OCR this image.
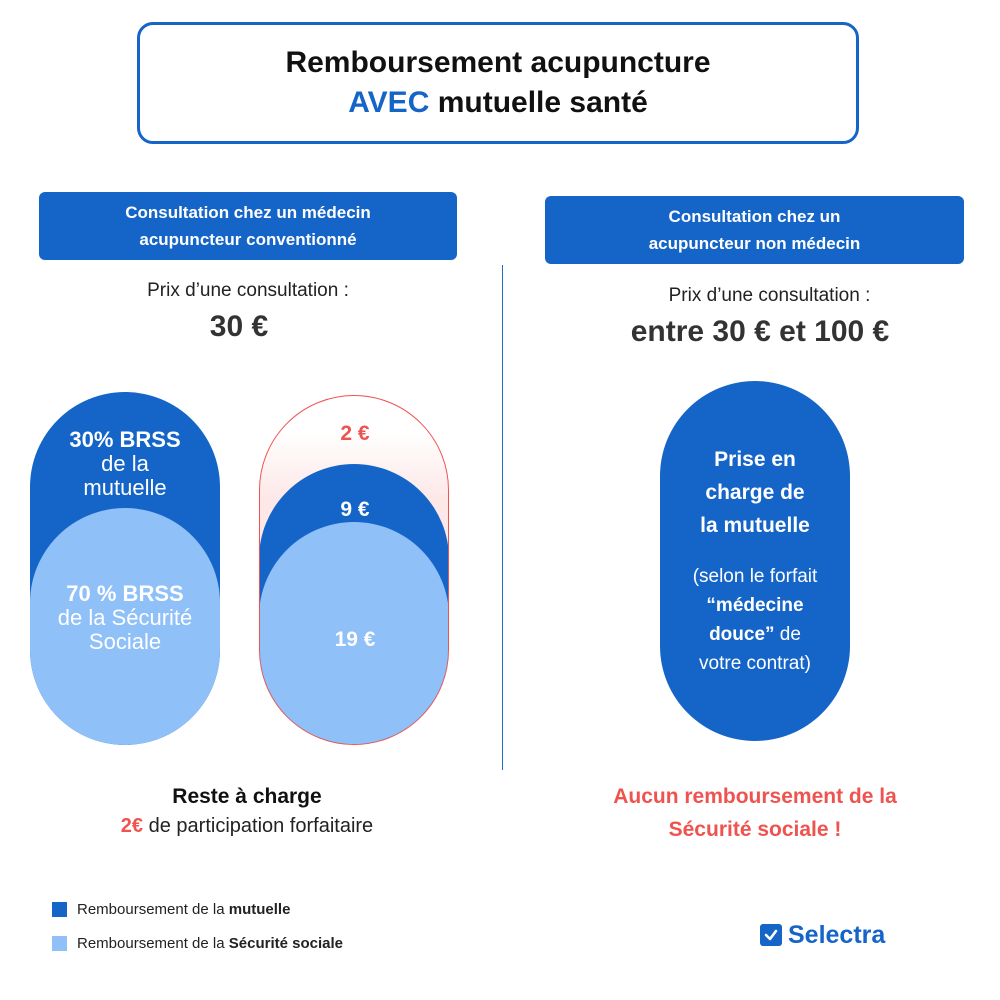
Remboursement acupuncture
AVEC mutuelle santé
Consultation chez un médecin
acupuncteur conventionné
Consultation chez un
acupuncteur non médecin
Prix d’une consultation :
30 €
Prix d’une consultation :
entre 30 € et 100 €
30% BRSS
de la
mutuelle
70 % BRSS
de la Sécurité
Sociale
2 €
9 €
19 €
Reste à charge
2€ de participation forfaitaire
Prise en
charge de
la mutuelle
(selon le forfait
“médecine
douce” de
votre contrat)
Aucun remboursement de la
Sécurité sociale !
Remboursement de la mutuelle
Remboursement de la Sécurité sociale	Selectra
